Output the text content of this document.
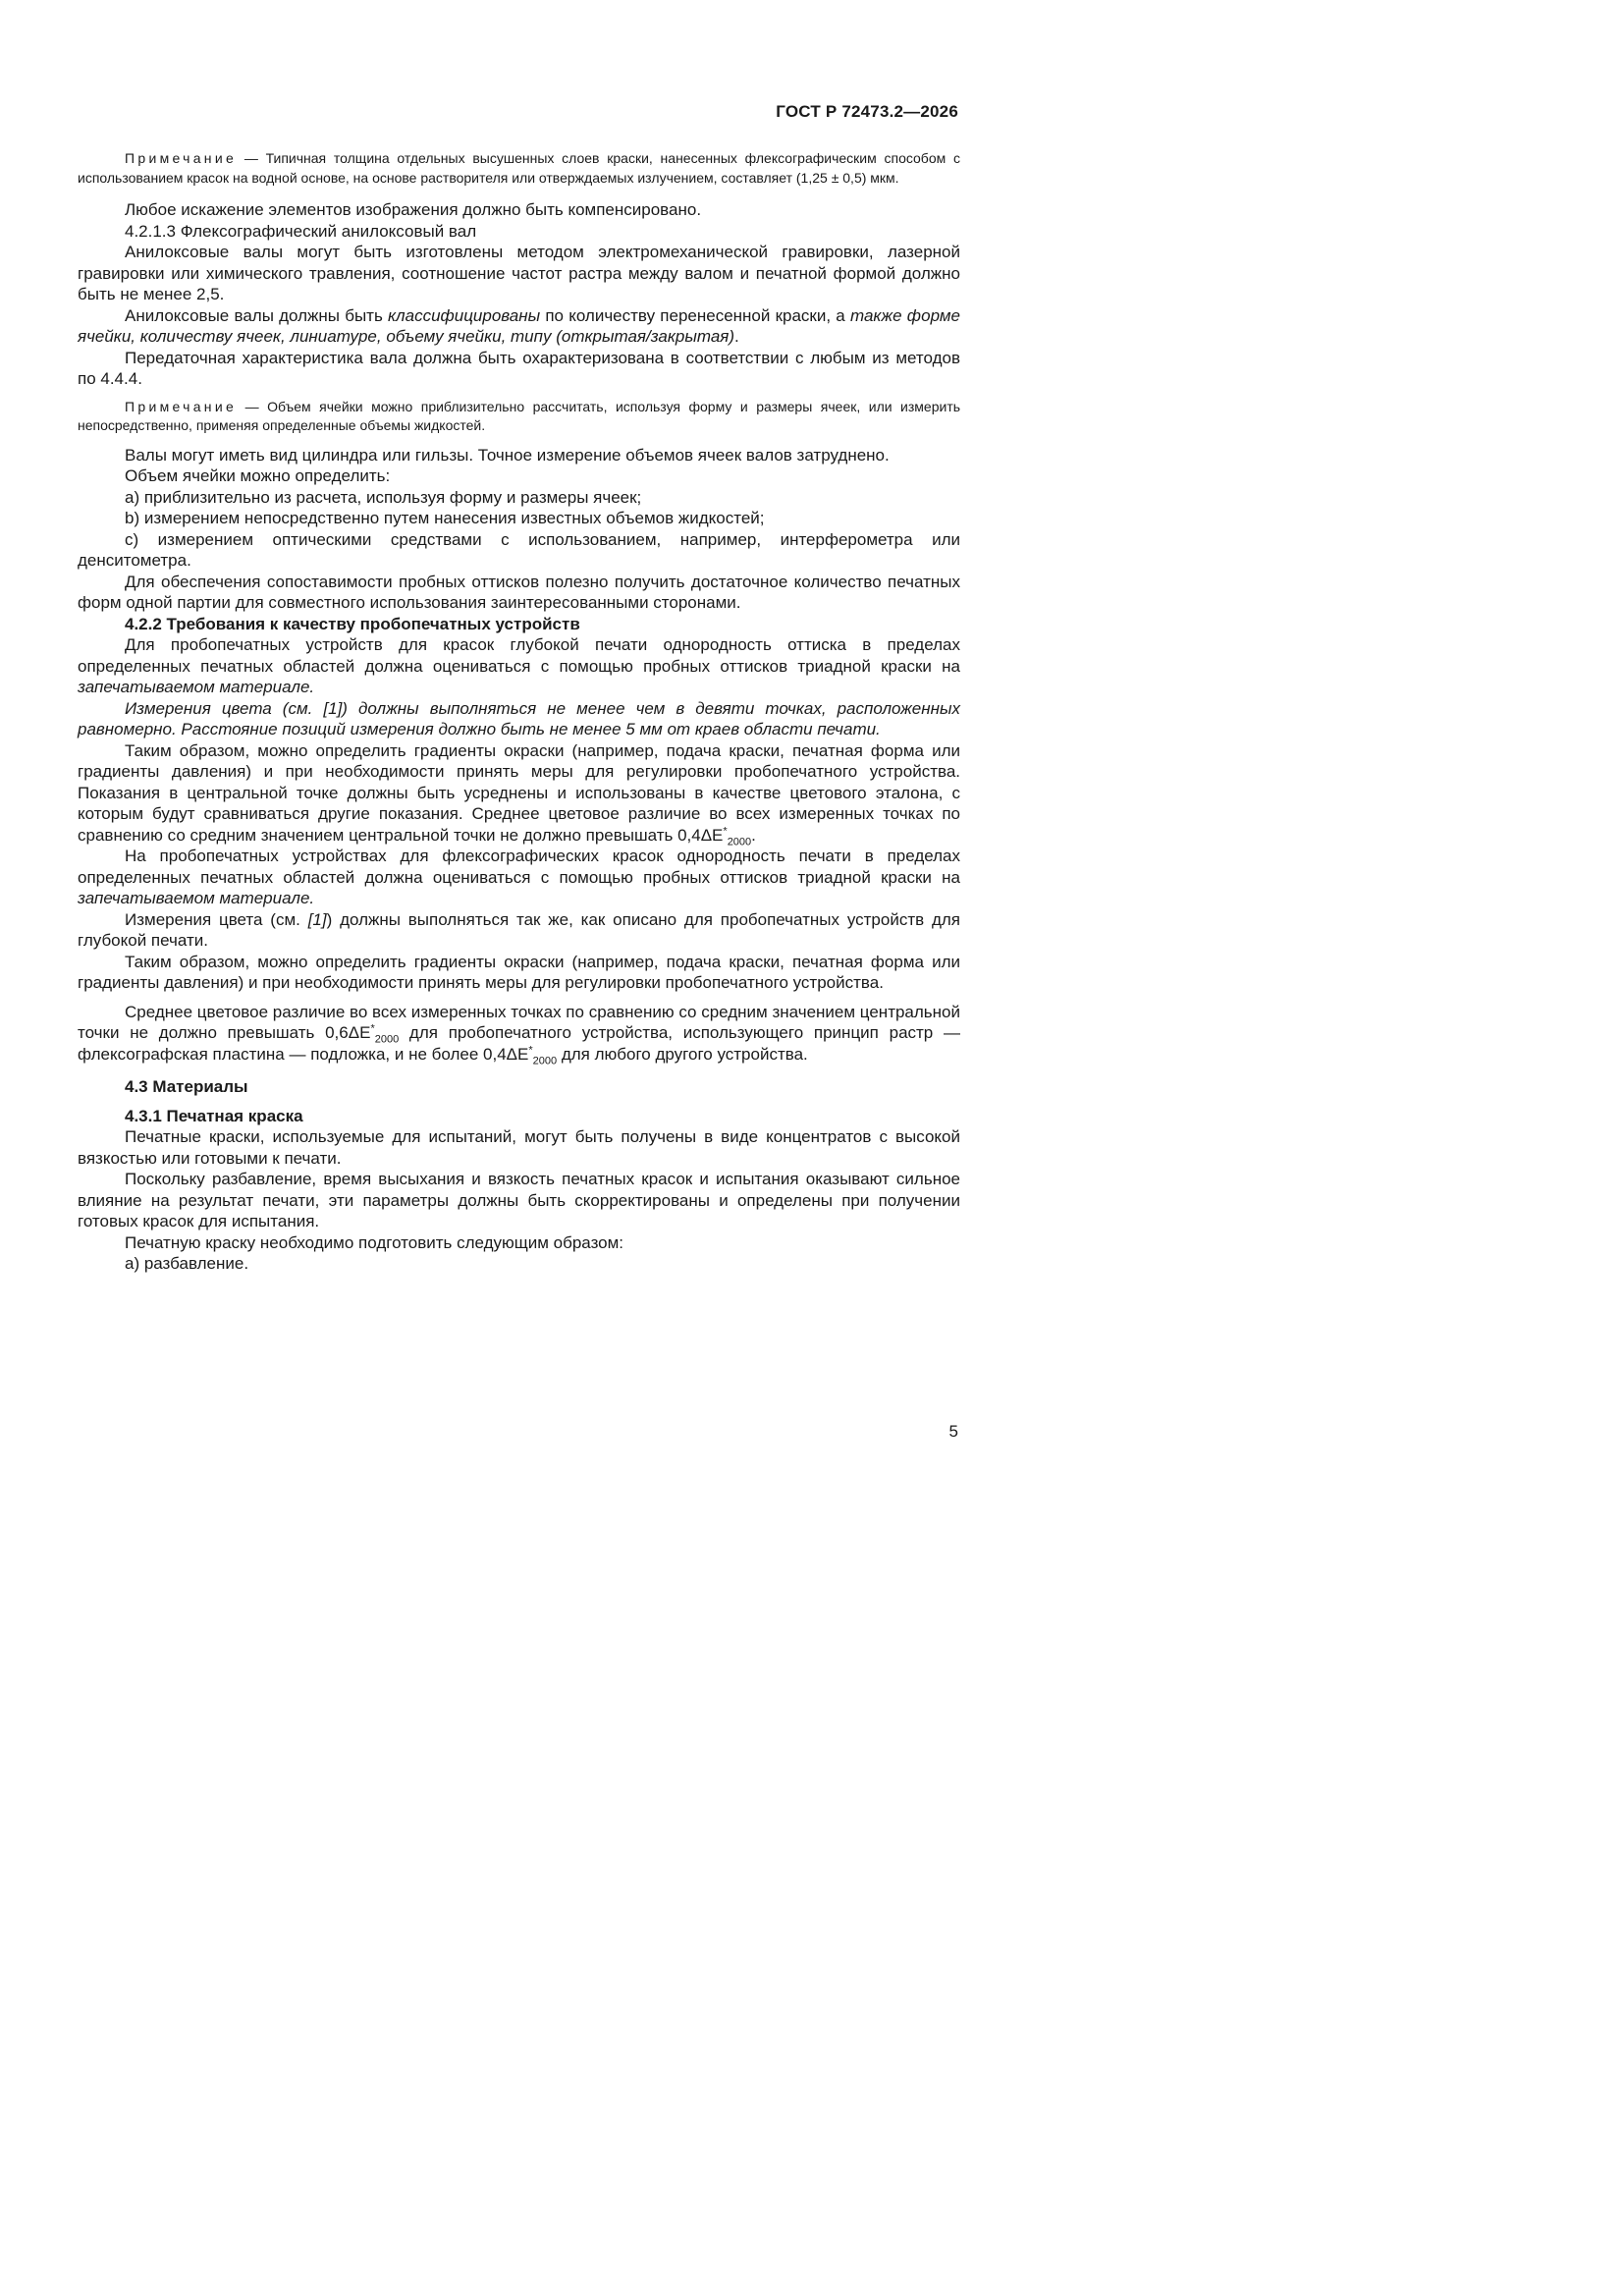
ГОСТ Р 72473.2—2026

Примечание — Типичная толщина отдельных высушенных слоев краски, нанесенных флексографическим способом с использованием красок на водной основе, на основе растворителя или отверждаемых излучением, составляет (1,25 ± 0,5) мкм.

Любое искажение элементов изображения должно быть компенсировано.

4.2.1.3 Флексографический анилоксовый вал

Анилоксовые валы могут быть изготовлены методом электромеханической гравировки, лазерной гравировки или химического травления, соотношение частот растра между валом и печатной формой должно быть не менее 2,5.

Анилоксовые валы должны быть классифицированы по количеству перенесенной краски, а также форме ячейки, количеству ячеек, линиатуре, объему ячейки, типу (открытая/закрытая).

Передаточная характеристика вала должна быть охарактеризована в соответствии с любым из методов по 4.4.4.

Примечание — Объем ячейки можно приблизительно рассчитать, используя форму и размеры ячеек, или измерить непосредственно, применяя определенные объемы жидкостей.

Валы могут иметь вид цилиндра или гильзы. Точное измерение объемов ячеек валов затруднено.

Объем ячейки можно определить:

a) приблизительно из расчета, используя форму и размеры ячеек;

b) измерением непосредственно путем нанесения известных объемов жидкостей;

c) измерением оптическими средствами с использованием, например, интерферометра или денситометра.

Для обеспечения сопоставимости пробных оттисков полезно получить достаточное количество печатных форм одной партии для совместного использования заинтересованными сторонами.

4.2.2 Требования к качеству пробопечатных устройств

Для пробопечатных устройств для красок глубокой печати однородность оттиска в пределах определенных печатных областей должна оцениваться с помощью пробных оттисков триадной краски на запечатываемом материале.

Измерения цвета (см. [1]) должны выполняться не менее чем в девяти точках, расположенных равномерно. Расстояние позиций измерения должно быть не менее 5 мм от краев области печати.

Таким образом, можно определить градиенты окраски (например, подача краски, печатная форма или градиенты давления) и при необходимости принять меры для регулировки пробопечатного устройства. Показания в центральной точке должны быть усреднены и использованы в качестве цветового эталона, с которым будут сравниваться другие показания. Среднее цветовое различие во всех измеренных точках по сравнению со средним значением центральной точки не должно превышать $0,4\Delta E^*_{2000}$.

На пробопечатных устройствах для флексографических красок однородность печати в пределах определенных печатных областей должна оцениваться с помощью пробных оттисков триадной краски на запечатываемом материале.

Измерения цвета (см. [1]) должны выполняться так же, как описано для пробопечатных устройств для глубокой печати.

Таким образом, можно определить градиенты окраски (например, подача краски, печатная форма или градиенты давления) и при необходимости принять меры для регулировки пробопечатного устройства.

Среднее цветовое различие во всех измеренных точках по сравнению со средним значением центральной точки не должно превышать $0,6\Delta E^*_{2000}$ для пробопечатного устройства, использующего принцип растр — флексографская пластина — подложка, и не более $0,4\Delta E^*_{2000}$ для любого другого устройства.

4.3 Материалы

4.3.1 Печатная краска

Печатные краски, используемые для испытаний, могут быть получены в виде концентратов с высокой вязкостью или готовыми к печати.

Поскольку разбавление, время высыхания и вязкость печатных красок и испытания оказывают сильное влияние на результат печати, эти параметры должны быть скорректированы и определены при получении готовых красок для испытания.

Печатную краску необходимо подготовить следующим образом:

a) разбавление.

5
